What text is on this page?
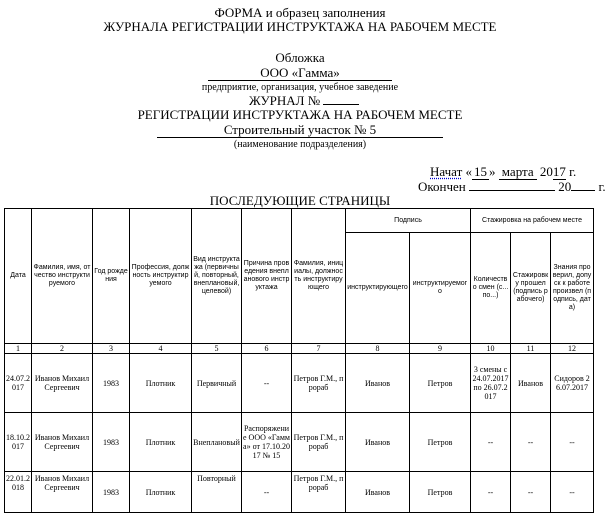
ФОРМА и образец заполнения
ЖУРНАЛА РЕГИСТРАЦИИ ИНСТРУКТАЖА НА РАБОЧЕМ МЕСТЕ
Обложка
ООО «Гамма»
предприятие, организация, учебное заведение
ЖУРНАЛ №
РЕГИСТРАЦИИ ИНСТРУКТАЖА НА РАБОЧЕМ МЕСТЕ
Строительный участок № 5
(наименование подразделения)
Начат « 15 » марта 2017 г.
Окончен	20 г.
ПОСЛЕДУЮЩИЕ СТРАНИЦЫ
Дата	Фамилия, имя, отчество инструктируемого	Год рождения	Профессия, должность инструктируемого	Вид инструктажа (первичный, повторный, внеплановый, целевой)	Причина проведения внепланового инструктажа	Фамилия, инициалы, должность инструктирующего	Подпись		Стажировка на рабочем месте		
							инструктирующего	инструктируемого	Количество смен (с... по...)	Стажировку прошел (подпись рабочего)	Знания проверил, допуск к работе произвел (подпись, дата)
1	2	3	4	5	6	7	8	9	10	11	12
24.07.2017	Иванов Михаил Сергеевич	1983	Плотник	Первичный	--	Петров Г.М., прораб	Иванов	Петров	3 смены с 24.07.2017 по 26.07.2017	Иванов	Сидоров 26.07.2017
18.10.2017	Иванов Михаил Сергеевич	1983	Плотник	Внеплановый	Распоряжение ООО «Гамма» от 17.10.2017 № 15	Петров Г.М., прораб	Иванов	Петров	--	--	--
22.01.2018	Иванов Михаил Сергеевич	1983	Плотник	Повторный	--	Петров Г.М., прораб	Иванов	Петров	--	--	--
